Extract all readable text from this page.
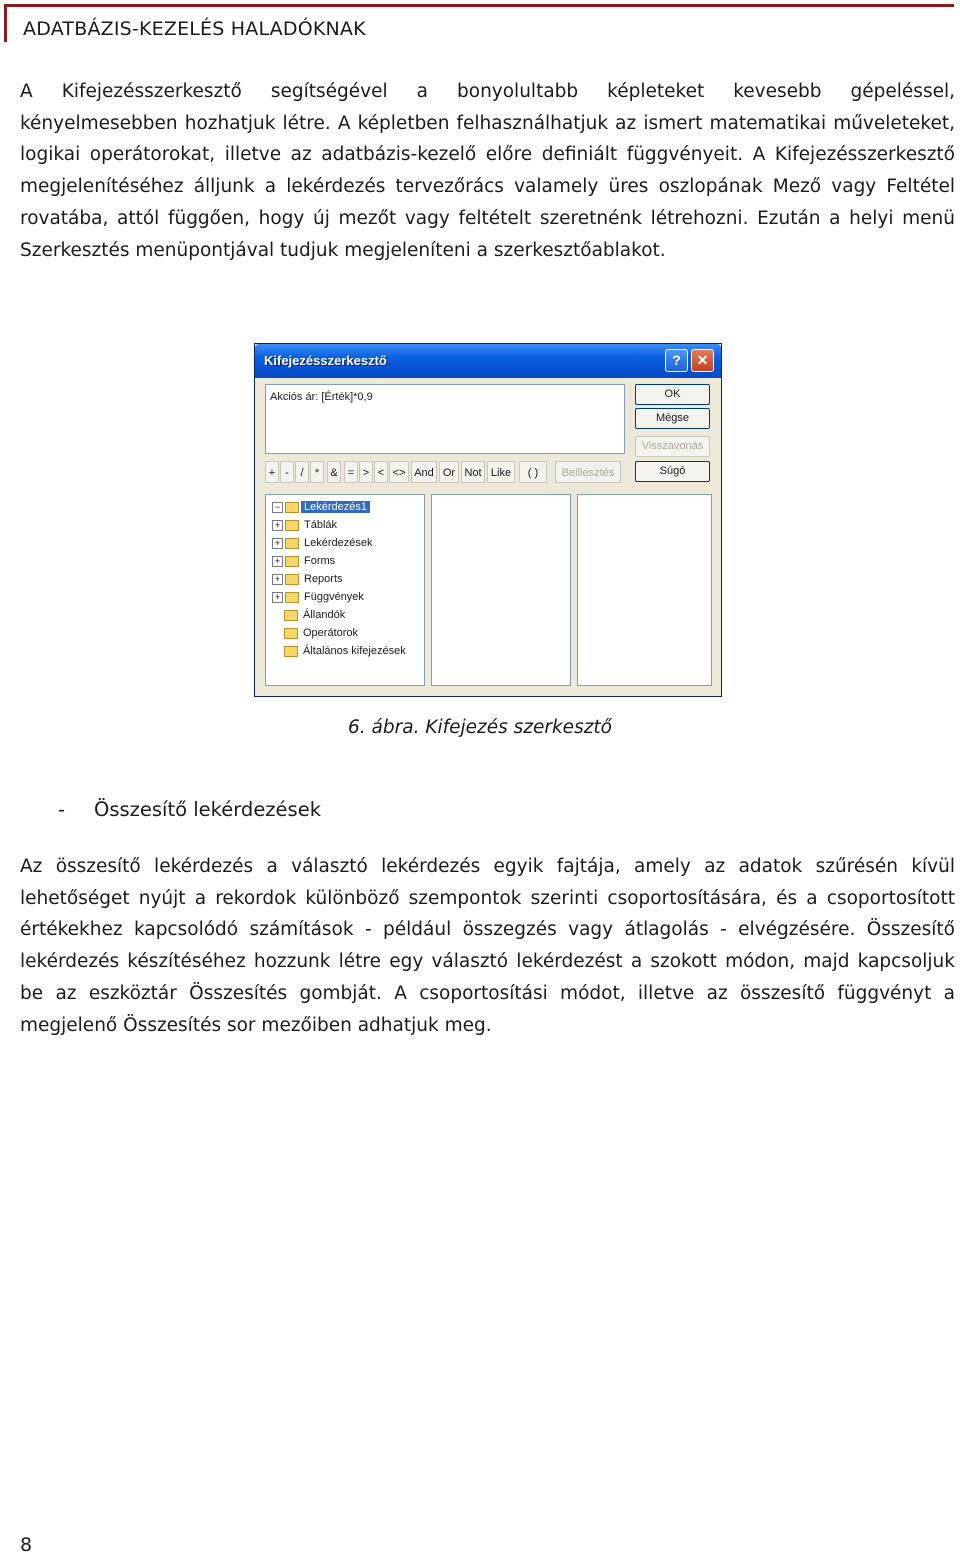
ADATBÁZIS-KEZELÉS HALADÓKNAK

A Kifejezésszerkesztő segítségével a bonyolultabb képleteket kevesebb gépeléssel, kényelmesebben hozhatjuk létre. A képletben felhasználhatjuk az ismert matematikai műveleteket, logikai operátorokat, illetve az adatbázis-kezelő előre definiált függvényeit. A Kifejezésszerkesztő megjelenítéséhez álljunk a lekérdezés tervezőrács valamely üres oszlopának Mező vagy Feltétel rovatába, attól függően, hogy új mezőt vagy feltételt szeretnénk létrehozni. Ezután a helyi menü Szerkesztés menüpontjával tudjuk megjeleníteni a szerkesztőablakot.

Kifejezésszerkesztő	?	✕
Akciós ár: [Érték]*0,9	OK
Mégse
Visszavonás
Súgó
+ -	/	*	& = > < <> And Or Not Like	( )	Beillesztés
− Lekérdezés1
+ Táblák
+ Lekérdezések
+ Forms
+ Reports
+ Függvények
Állandók
Operátorok
Általános kifejezések
6. ábra. Kifejezés szerkesztő
- Összesítő lekérdezések

Az összesítő lekérdezés a választó lekérdezés egyik fajtája, amely az adatok szűrésén kívül lehetőséget nyújt a rekordok különböző szempontok szerinti csoportosítására, és a csoportosított értékekhez kapcsolódó számítások - például összegzés vagy átlagolás - elvégzésére. Összesítő lekérdezés készítéséhez hozzunk létre egy választó lekérdezést a szokott módon, majd kapcsoljuk be az eszköztár Összesítés gombját. A csoportosítási módot, illetve az összesítő függvényt a megjelenő Összesítés sor mezőiben adhatjuk meg.

8
